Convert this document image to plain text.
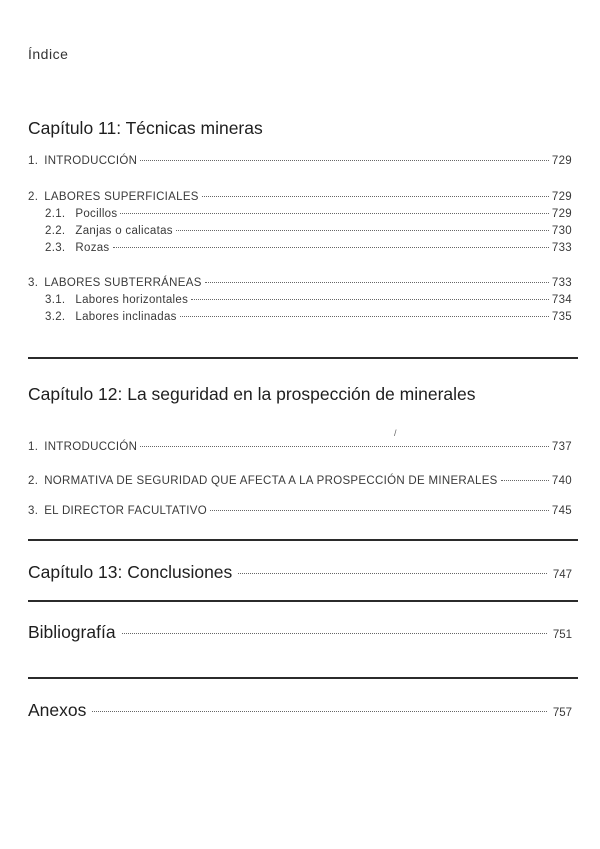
Índice
Capítulo 11: Técnicas mineras
1. INTRODUCCIÓN	729
2. LABORES SUPERFICIALES	729
2.1. Pocillos	729
2.2. Zanjas o calicatas	730
2.3. Rozas	733
3. LABORES SUBTERRÁNEAS	733
3.1. Labores horizontales	734
3.2. Labores inclinadas	735
Capítulo 12: La seguridad en la prospección de minerales
/
1. INTRODUCCIÓN	737
2. NORMATIVA DE SEGURIDAD QUE AFECTA A LA PROSPECCIÓN DE MINERALES	740
3. EL DIRECTOR FACULTATIVO	745
Capítulo 13: Conclusiones	747
Bibliografía	751
Anexos	757
